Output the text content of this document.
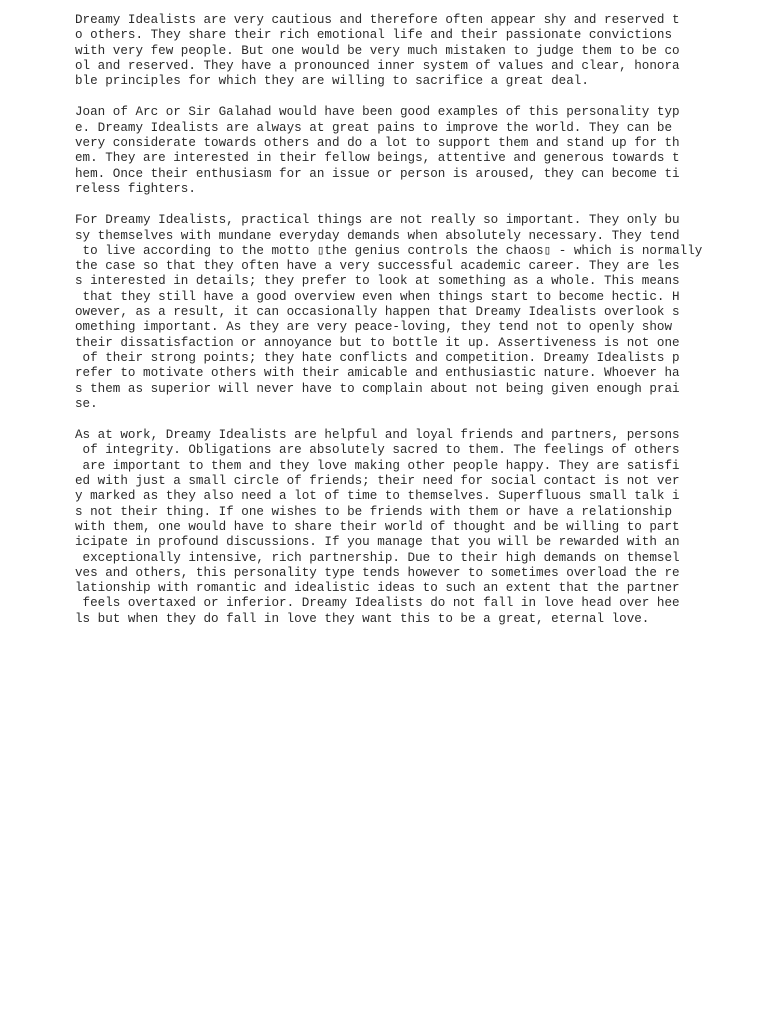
Dreamy Idealists are very cautious and therefore often appear shy and reserved t
o others. They share their rich emotional life and their passionate convictions
with very few people. But one would be very much mistaken to judge them to be co
ol and reserved. They have a pronounced inner system of values and clear, honora
ble principles for which they are willing to sacrifice a great deal.
Joan of Arc or Sir Galahad would have been good examples of this personality typ
e. Dreamy Idealists are always at great pains to improve the world. They can be
very considerate towards others and do a lot to support them and stand up for th
em. They are interested in their fellow beings, attentive and generous towards t
hem. Once their enthusiasm for an issue or person is aroused, they can become ti
reless fighters.
For Dreamy Idealists, practical things are not really so important. They only bu
sy themselves with mundane everyday demands when absolutely necessary. They tend
to live according to the motto ▯the genius controls the chaos▯ - which is normally
the case so that they often have a very successful academic career. They are les
s interested in details; they prefer to look at something as a whole. This means
that they still have a good overview even when things start to become hectic. H
owever, as a result, it can occasionally happen that Dreamy Idealists overlook s
omething important. As they are very peace-loving, they tend not to openly show
their dissatisfaction or annoyance but to bottle it up. Assertiveness is not one
of their strong points; they hate conflicts and competition. Dreamy Idealists p
refer to motivate others with their amicable and enthusiastic nature. Whoever ha
s them as superior will never have to complain about not being given enough prai
se.
As at work, Dreamy Idealists are helpful and loyal friends and partners, persons
of integrity. Obligations are absolutely sacred to them. The feelings of others
are important to them and they love making other people happy. They are satisfi
ed with just a small circle of friends; their need for social contact is not ver
y marked as they also need a lot of time to themselves. Superfluous small talk i
s not their thing. If one wishes to be friends with them or have a relationship
with them, one would have to share their world of thought and be willing to part
icipate in profound discussions. If you manage that you will be rewarded with an
exceptionally intensive, rich partnership. Due to their high demands on themsel
ves and others, this personality type tends however to sometimes overload the re
lationship with romantic and idealistic ideas to such an extent that the partner
feels overtaxed or inferior. Dreamy Idealists do not fall in love head over hee
ls but when they do fall in love they want this to be a great, eternal love.
